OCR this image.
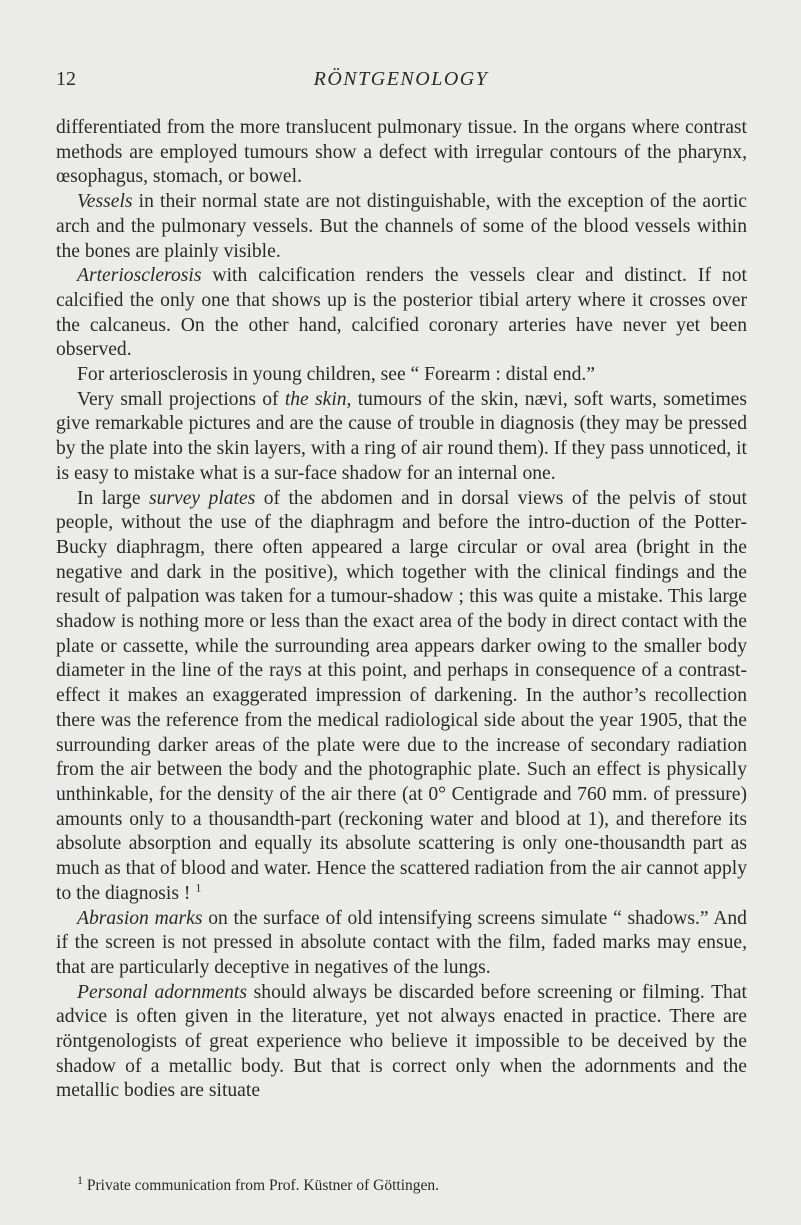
12	RÖNTGENOLOGY

differentiated from the more translucent pulmonary tissue. In the organs where contrast methods are employed tumours show a defect with irregular contours of the pharynx, œsophagus, stomach, or bowel.

Vessels in their normal state are not distinguishable, with the exception of the aortic arch and the pulmonary vessels. But the channels of some of the blood vessels within the bones are plainly visible.

Arteriosclerosis with calcification renders the vessels clear and distinct. If not calcified the only one that shows up is the posterior tibial artery where it crosses over the calcaneus. On the other hand, calcified coronary arteries have never yet been observed.

For arteriosclerosis in young children, see “ Forearm : distal end.”

Very small projections of the skin, tumours of the skin, nævi, soft warts, sometimes give remarkable pictures and are the cause of trouble in diagnosis (they may be pressed by the plate into the skin layers, with a ring of air round them). If they pass unnoticed, it is easy to mistake what is a sur-face shadow for an internal one.

In large survey plates of the abdomen and in dorsal views of the pelvis of stout people, without the use of the diaphragm and before the intro-duction of the Potter-Bucky diaphragm, there often appeared a large circular or oval area (bright in the negative and dark in the positive), which together with the clinical findings and the result of palpation was taken for a tumour-shadow ; this was quite a mistake. This large shadow is nothing more or less than the exact area of the body in direct contact with the plate or cassette, while the surrounding area appears darker owing to the smaller body diameter in the line of the rays at this point, and perhaps in consequence of a contrast-effect it makes an exaggerated impression of darkening. In the author’s recollection there was the reference from the medical radiological side about the year 1905, that the surrounding darker areas of the plate were due to the increase of secondary radiation from the air between the body and the photographic plate. Such an effect is physically unthinkable, for the density of the air there (at 0° Centigrade and 760 mm. of pressure) amounts only to a thousandth-part (reckoning water and blood at 1), and therefore its absolute absorption and equally its absolute scattering is only one-thousandth part as much as that of blood and water. Hence the scattered radiation from the air cannot apply to the diagnosis ! $^1$

Abrasion marks on the surface of old intensifying screens simulate “ shadows.” And if the screen is not pressed in absolute contact with the film, faded marks may ensue, that are particularly deceptive in negatives of the lungs.

Personal adornments should always be discarded before screening or filming. That advice is often given in the literature, yet not always enacted in practice. There are röntgenologists of great experience who believe it impossible to be deceived by the shadow of a metallic body. But that is correct only when the adornments and the metallic bodies are situate

$^1$ Private communication from Prof. Küstner of Göttingen.
